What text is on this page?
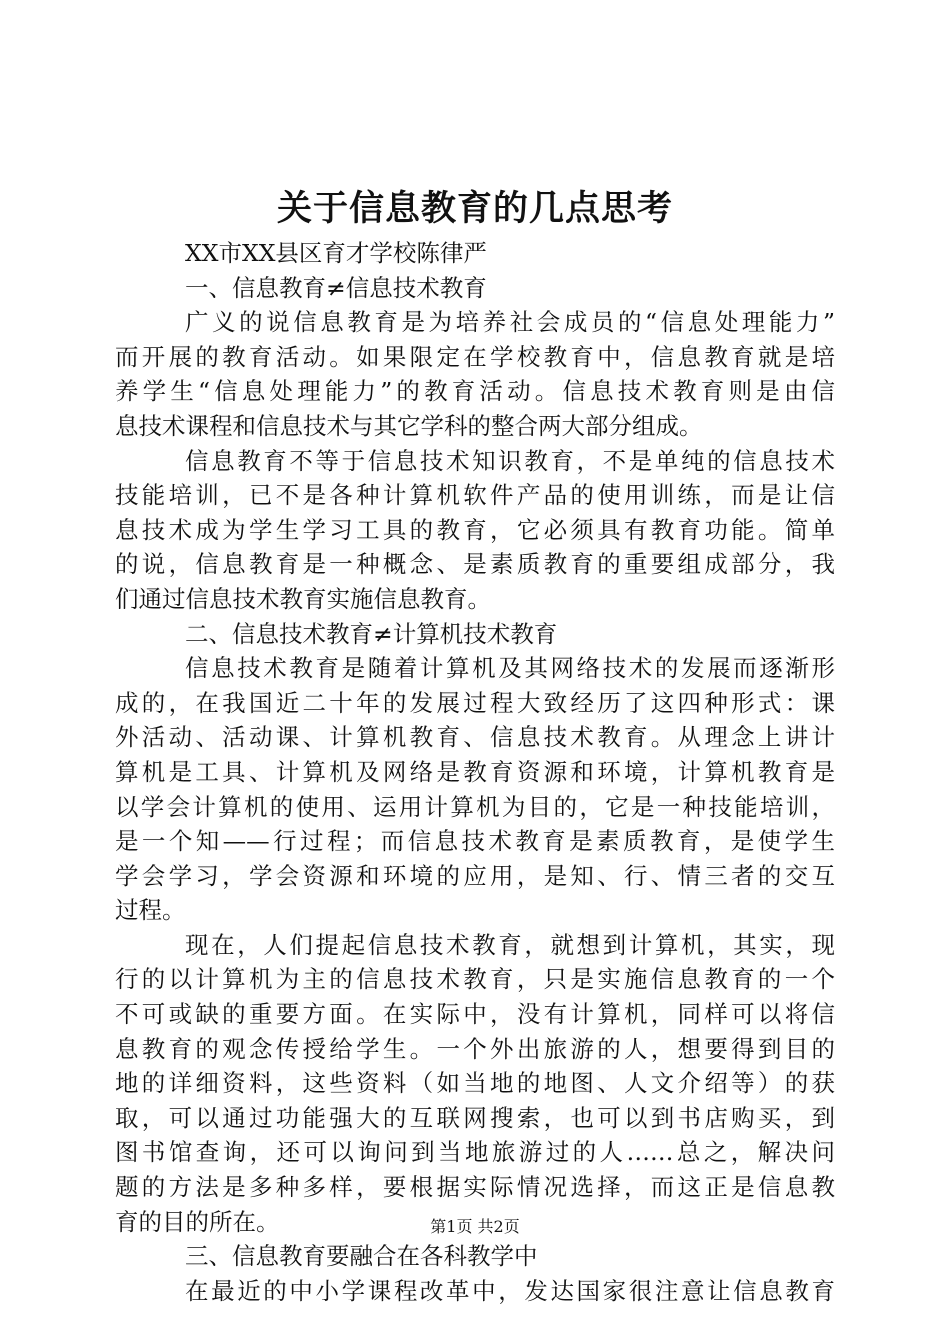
关于信息教育的几点思考
XX市XX县区育才学校陈律严
一、信息教育≠信息技术教育
广义的说信息教育是为培养社会成员的“信息处理能力”
而开展的教育活动。如果限定在学校教育中，信息教育就是培
养学生“信息处理能力”的教育活动。信息技术教育则是由信
息技术课程和信息技术与其它学科的整合两大部分组成。
信息教育不等于信息技术知识教育，不是单纯的信息技术
技能培训，已不是各种计算机软件产品的使用训练，而是让信
息技术成为学生学习工具的教育，它必须具有教育功能。简单
的说，信息教育是一种概念、是素质教育的重要组成部分，我
们通过信息技术教育实施信息教育。
二、信息技术教育≠计算机技术教育
信息技术教育是随着计算机及其网络技术的发展而逐渐形
成的，在我国近二十年的发展过程大致经历了这四种形式：课
外活动、活动课、计算机教育、信息技术教育。从理念上讲计
算机是工具、计算机及网络是教育资源和环境，计算机教育是
以学会计算机的使用、运用计算机为目的，它是一种技能培训，
是一个知——行过程；而信息技术教育是素质教育，是使学生
学会学习，学会资源和环境的应用，是知、行、情三者的交互
过程。
现在，人们提起信息技术教育，就想到计算机，其实，现
行的以计算机为主的信息技术教育，只是实施信息教育的一个
不可或缺的重要方面。在实际中，没有计算机，同样可以将信
息教育的观念传授给学生。一个外出旅游的人，想要得到目的
地的详细资料，这些资料（如当地的地图、人文介绍等）的获
取，可以通过功能强大的互联网搜索，也可以到书店购买，到
图书馆查询，还可以询问到当地旅游过的人……总之，解决问
题的方法是多种多样，要根据实际情况选择，而这正是信息教
育的目的所在。
三、信息教育要融合在各科教学中
在最近的中小学课程改革中，发达国家很注意让信息教育
第1页 共2页
